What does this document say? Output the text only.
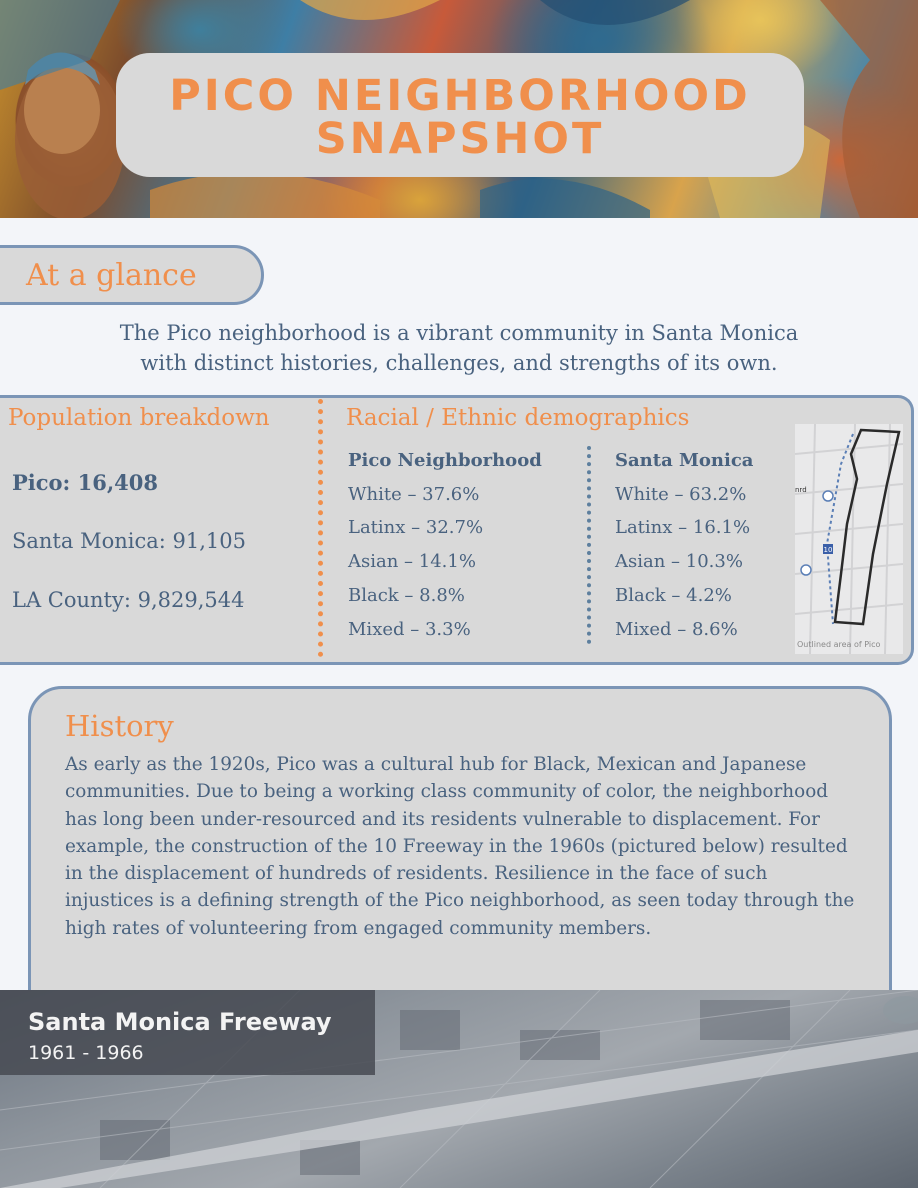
PICO NEIGHBORHOOD
SNAPSHOT
At a glance
The Pico neighborhood is a vibrant community in Santa Monica
with distinct histories, challenges, and strengths of its own.
Population breakdown
Pico: 16,408
Santa Monica: 91,105
LA County: 9,829,544
Racial / Ethnic demographics
Pico Neighborhood
White – 37.6%
Latinx – 32.7%
Asian – 14.1%
Black – 8.8%
Mixed – 3.3%
Santa Monica
White – 63.2%
Latinx – 16.1%
Asian – 10.3%
Black – 4.2%
Mixed – 8.6%
10
nrd
Outlined area of Pico
History

As early as the 1920s, Pico was a cultural hub for Black, Mexican and Japanese communities. Due to being a working class community of color, the neighborhood has long been under-resourced and its residents vulnerable to displacement. For example, the construction of the 10 Freeway in the 1960s (pictured below) resulted in the displacement of hundreds of residents. Resilience in the face of such injustices is a defining strength of the Pico neighborhood, as seen today through the high rates of volunteering from engaged community members.

Santa Monica Freeway
1961 - 1966
